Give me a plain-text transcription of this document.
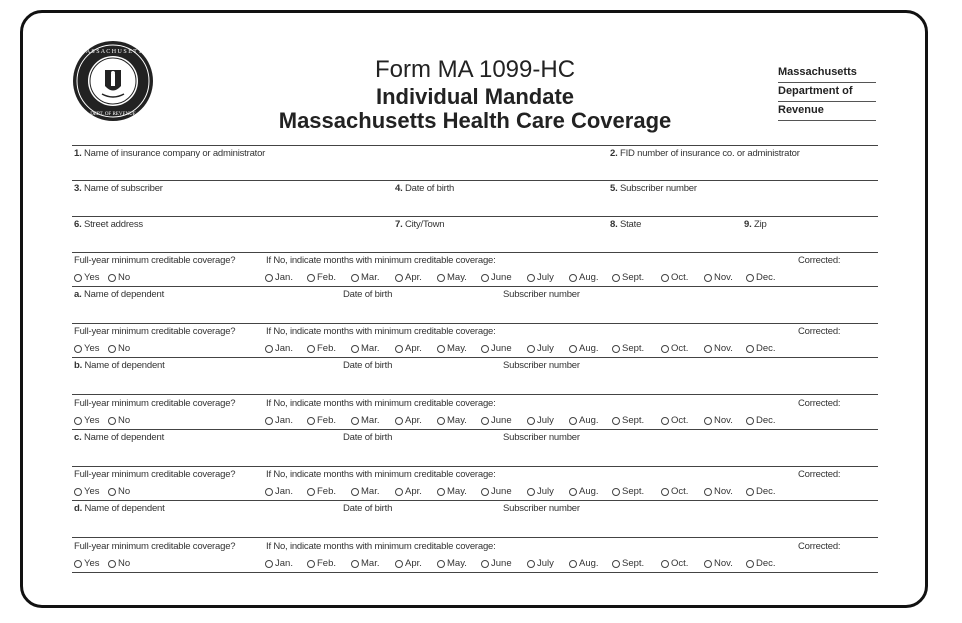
M A S S A C H U S E T T S
DEPT. OF REVENUE
Form MA 1099-HC
Individual Mandate
Massachusetts Health Care Coverage
Massachusetts
Department of
Revenue
1. Name of insurance company or administrator	2. FID number of insurance co. or administrator
3. Name of subscriber	4. Date of birth	5. Subscriber number
6. Street address	7. City/Town	8. State	9. Zip
Full-year minimum creditable coverage?	If No, indicate months with minimum creditable coverage:	Corrected:
Yes No	Jan.	Feb.	Mar.	Apr.	May.	June	July	Aug. Sept.	Oct.	Nov. Dec.
a. Name of dependent	Date of birth	Subscriber number
Full-year minimum creditable coverage?	If No, indicate months with minimum creditable coverage:	Corrected:
Yes No	Jan.	Feb.	Mar.	Apr.	May.	June	July	Aug. Sept.	Oct.	Nov. Dec.
b. Name of dependent	Date of birth	Subscriber number
Full-year minimum creditable coverage?	If No, indicate months with minimum creditable coverage:	Corrected:
Yes No	Jan.	Feb.	Mar.	Apr.	May.	June	July	Aug. Sept.	Oct.	Nov. Dec.
c. Name of dependent	Date of birth	Subscriber number
Full-year minimum creditable coverage?	If No, indicate months with minimum creditable coverage:	Corrected:
Yes No	Jan.	Feb.	Mar.	Apr.	May.	June	July	Aug. Sept.	Oct.	Nov. Dec.
d. Name of dependent	Date of birth	Subscriber number
Full-year minimum creditable coverage?	If No, indicate months with minimum creditable coverage:	Corrected:
Yes No	Jan.	Feb.	Mar.	Apr.	May.	June	July	Aug. Sept.	Oct.	Nov. Dec.
